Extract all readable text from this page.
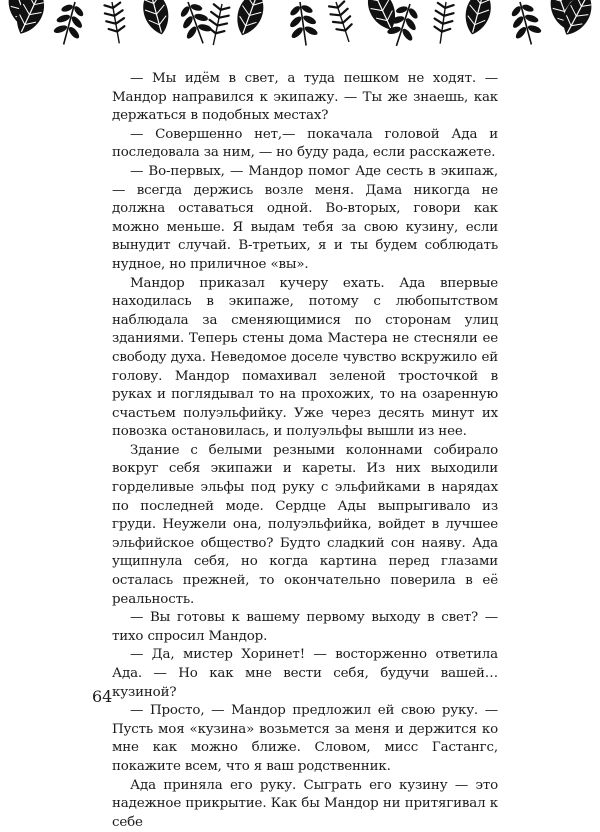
— Мы идём в свет, а туда пешком не ходят. — Мандор направился к экипажу. — Ты же знаешь, как держаться в подобных местах?

— Совершенно нет,— покачала головой Ада и последовала за ним, — но буду рада, если расскажете.

— Во-первых, — Мандор помог Аде сесть в экипаж, — всегда держись возле меня. Дама никогда не должна оставаться одной. Во-вторых, говори как можно меньше. Я выдам тебя за свою кузину, если вынудит случай. В-третьих, я и ты будем соблюдать нудное, но приличное «вы».

Мандор приказал кучеру ехать. Ада впервые находилась в экипаже, потому с любопытством наблюдала за сменяющимися по сторонам улиц зданиями. Теперь стены дома Мастера не стесняли ее свободу духа. Неведомое доселе чувство вскружило ей голову. Мандор помахивал зеленой тросточкой в руках и поглядывал то на прохожих, то на озаренную счастьем полуэльфийку. Уже через десять минут их повозка остановилась, и полуэльфы вышли из нее.

Здание с белыми резными колоннами собирало вокруг себя экипажи и кареты. Из них выходили горделивые эльфы под руку с эльфийками в нарядах по последней моде. Сердце Ады выпрыгивало из груди. Неужели она, полуэльфийка, войдет в лучшее эльфийское общество? Будто сладкий сон наяву. Ада ущипнула себя, но когда картина перед глазами осталась прежней, то окончательно поверила в её реальность.

— Вы готовы к вашему первому выходу в свет? — тихо спросил Мандор.

— Да, мистер Хоринет! — восторженно ответила Ада. — Но как мне вести себя, будучи вашей… кузиной?

— Просто, — Мандор предложил ей свою руку. — Пусть моя «кузина» возьмется за меня и держится ко мне как можно ближе. Словом, мисс Гастангс, покажите всем, что я ваш родственник.

Ада приняла его руку. Сыграть его кузину — это надежное прикрытие. Как бы Мандор ни притягивал к себе

64
